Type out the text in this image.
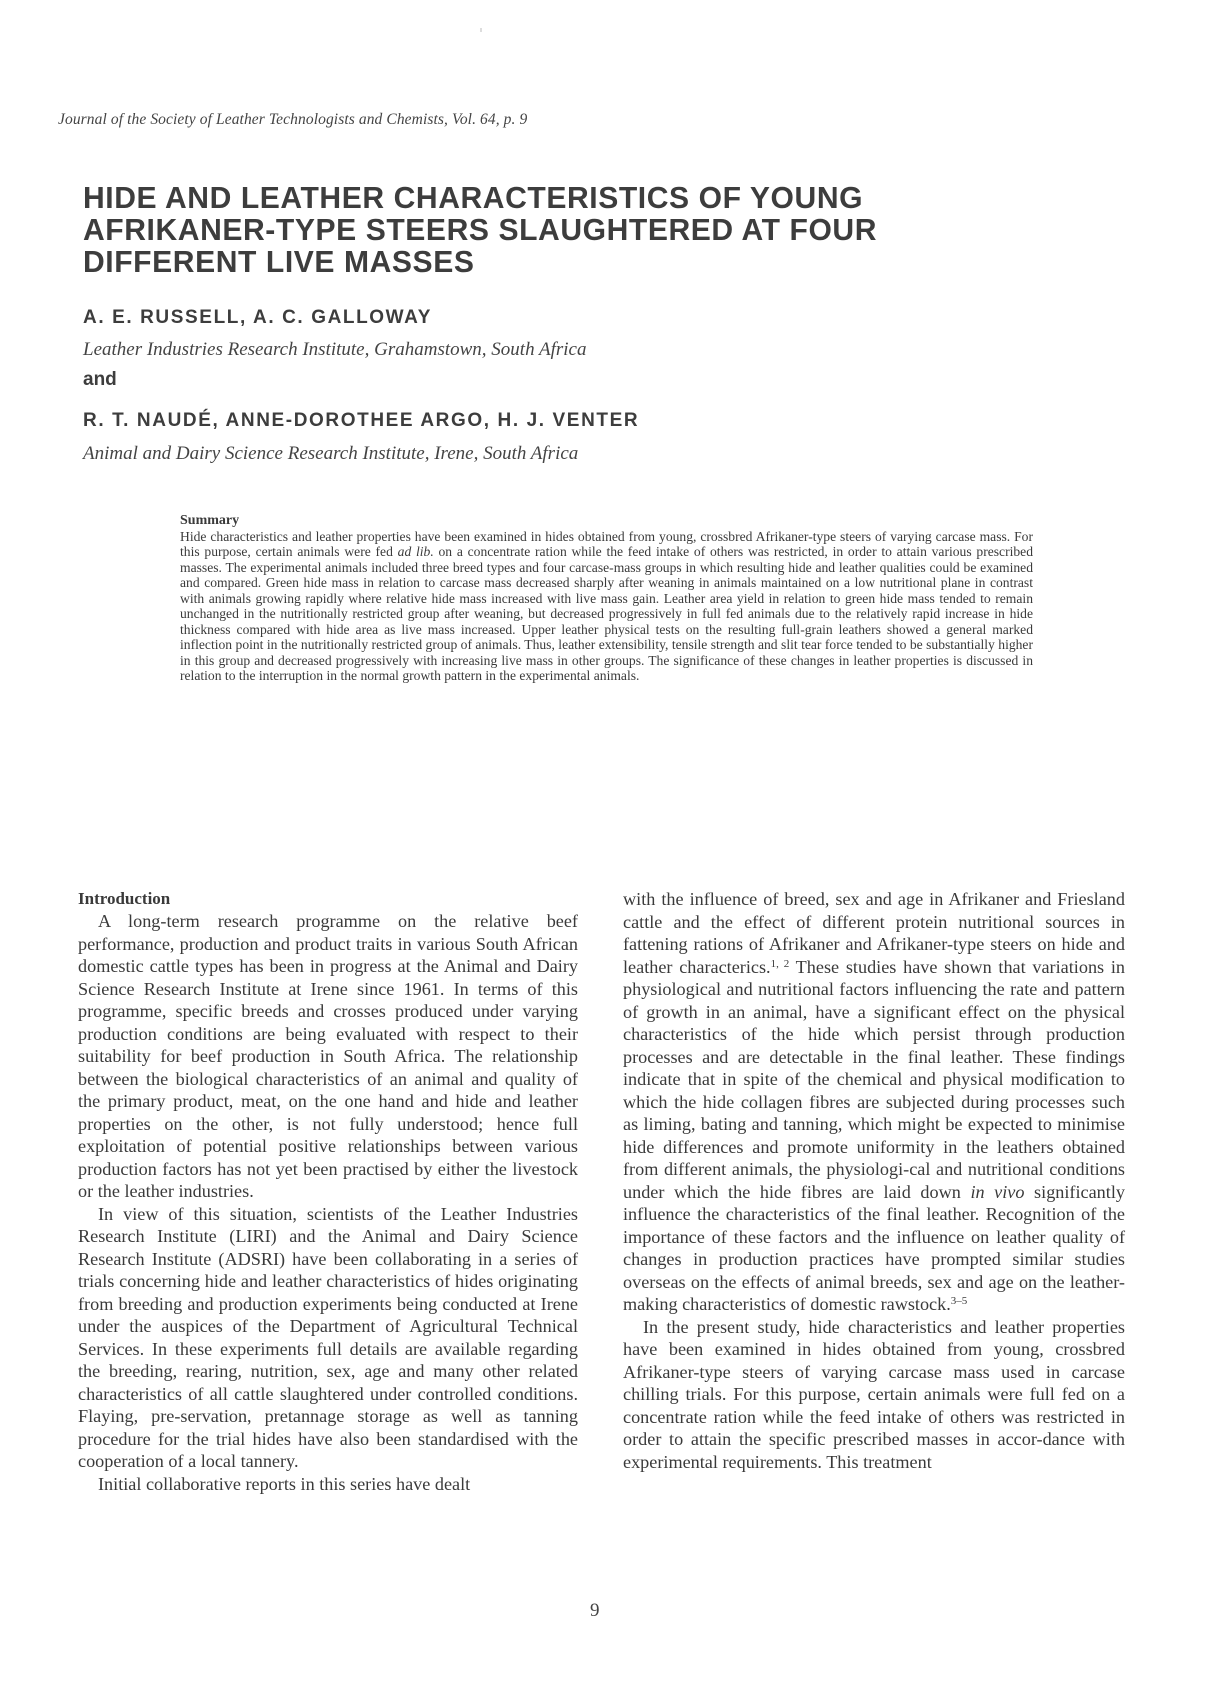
Journal of the Society of Leather Technologists and Chemists, Vol. 64, p. 9
HIDE AND LEATHER CHARACTERISTICS OF YOUNG
AFRIKANER-TYPE STEERS SLAUGHTERED AT FOUR
DIFFERENT LIVE MASSES
A. E. RUSSELL, A. C. GALLOWAY
Leather Industries Research Institute, Grahamstown, South Africa
and
R. T. NAUDÉ, ANNE-DOROTHEE ARGO, H. J. VENTER
Animal and Dairy Science Research Institute, Irene, South Africa
Summary

Hide characteristics and leather properties have been examined in hides obtained from young, crossbred Afrikaner-type steers of varying carcase mass. For this purpose, certain animals were fed ad lib. on a concentrate ration while the feed intake of others was restricted, in order to attain various prescribed masses. The experimental animals included three breed types and four carcase-mass groups in which resulting hide and leather qualities could be examined and compared. Green hide mass in relation to carcase mass decreased sharply after weaning in animals maintained on a low nutritional plane in contrast with animals growing rapidly where relative hide mass increased with live mass gain. Leather area yield in relation to green hide mass tended to remain unchanged in the nutritionally restricted group after weaning, but decreased progressively in full fed animals due to the relatively rapid increase in hide thickness compared with hide area as live mass increased. Upper leather physical tests on the resulting full-grain leathers showed a general marked inflection point in the nutritionally restricted group of animals. Thus, leather extensibility, tensile strength and slit tear force tended to be substantially higher in this group and decreased progressively with increasing live mass in other groups. The significance of these changes in leather properties is discussed in relation to the interruption in the normal growth pattern in the experimental animals.

Introduction

A long-term research programme on the relative beef performance, production and product traits in various South African domestic cattle types has been in progress at the Animal and Dairy Science Research Institute at Irene since 1961. In terms of this programme, specific breeds and crosses produced under varying production conditions are being evaluated with respect to their suitability for beef production in South Africa. The relationship between the biological characteristics of an animal and quality of the primary product, meat, on the one hand and hide and leather properties on the other, is not fully understood; hence full exploitation of potential positive relationships between various production factors has not yet been practised by either the livestock or the leather industries.

In view of this situation, scientists of the Leather Industries Research Institute (LIRI) and the Animal and Dairy Science Research Institute (ADSRI) have been collaborating in a series of trials concerning hide and leather characteristics of hides originating from breeding and production experiments being conducted at Irene under the auspices of the Department of Agricultural Technical Services. In these experiments full details are available regarding the breeding, rearing, nutrition, sex, age and many other related characteristics of all cattle slaughtered under controlled conditions. Flaying, pre-servation, pretannage storage as well as tanning procedure for the trial hides have also been standardised with the cooperation of a local tannery.

Initial collaborative reports in this series have dealt

with the influence of breed, sex and age in Afrikaner and Friesland cattle and the effect of different protein nutritional sources in fattening rations of Afrikaner and Afrikaner-type steers on hide and leather characterics.$^{1, 2}$ These studies have shown that variations in physiological and nutritional factors influencing the rate and pattern of growth in an animal, have a significant effect on the physical characteristics of the hide which persist through production processes and are detectable in the final leather. These findings indicate that in spite of the chemical and physical modification to which the hide collagen fibres are subjected during processes such as liming, bating and tanning, which might be expected to minimise hide differences and promote uniformity in the leathers obtained from different animals, the physiologi-cal and nutritional conditions under which the hide fibres are laid down in vivo significantly influence the characteristics of the final leather. Recognition of the importance of these factors and the influence on leather quality of changes in production practices have prompted similar studies overseas on the effects of animal breeds, sex and age on the leather-making characteristics of domestic rawstock.$^{3-5}$

In the present study, hide characteristics and leather properties have been examined in hides obtained from young, crossbred Afrikaner-type steers of varying carcase mass used in carcase chilling trials. For this purpose, certain animals were full fed on a concentrate ration while the feed intake of others was restricted in order to attain the specific prescribed masses in accor-dance with experimental requirements. This treatment

9
